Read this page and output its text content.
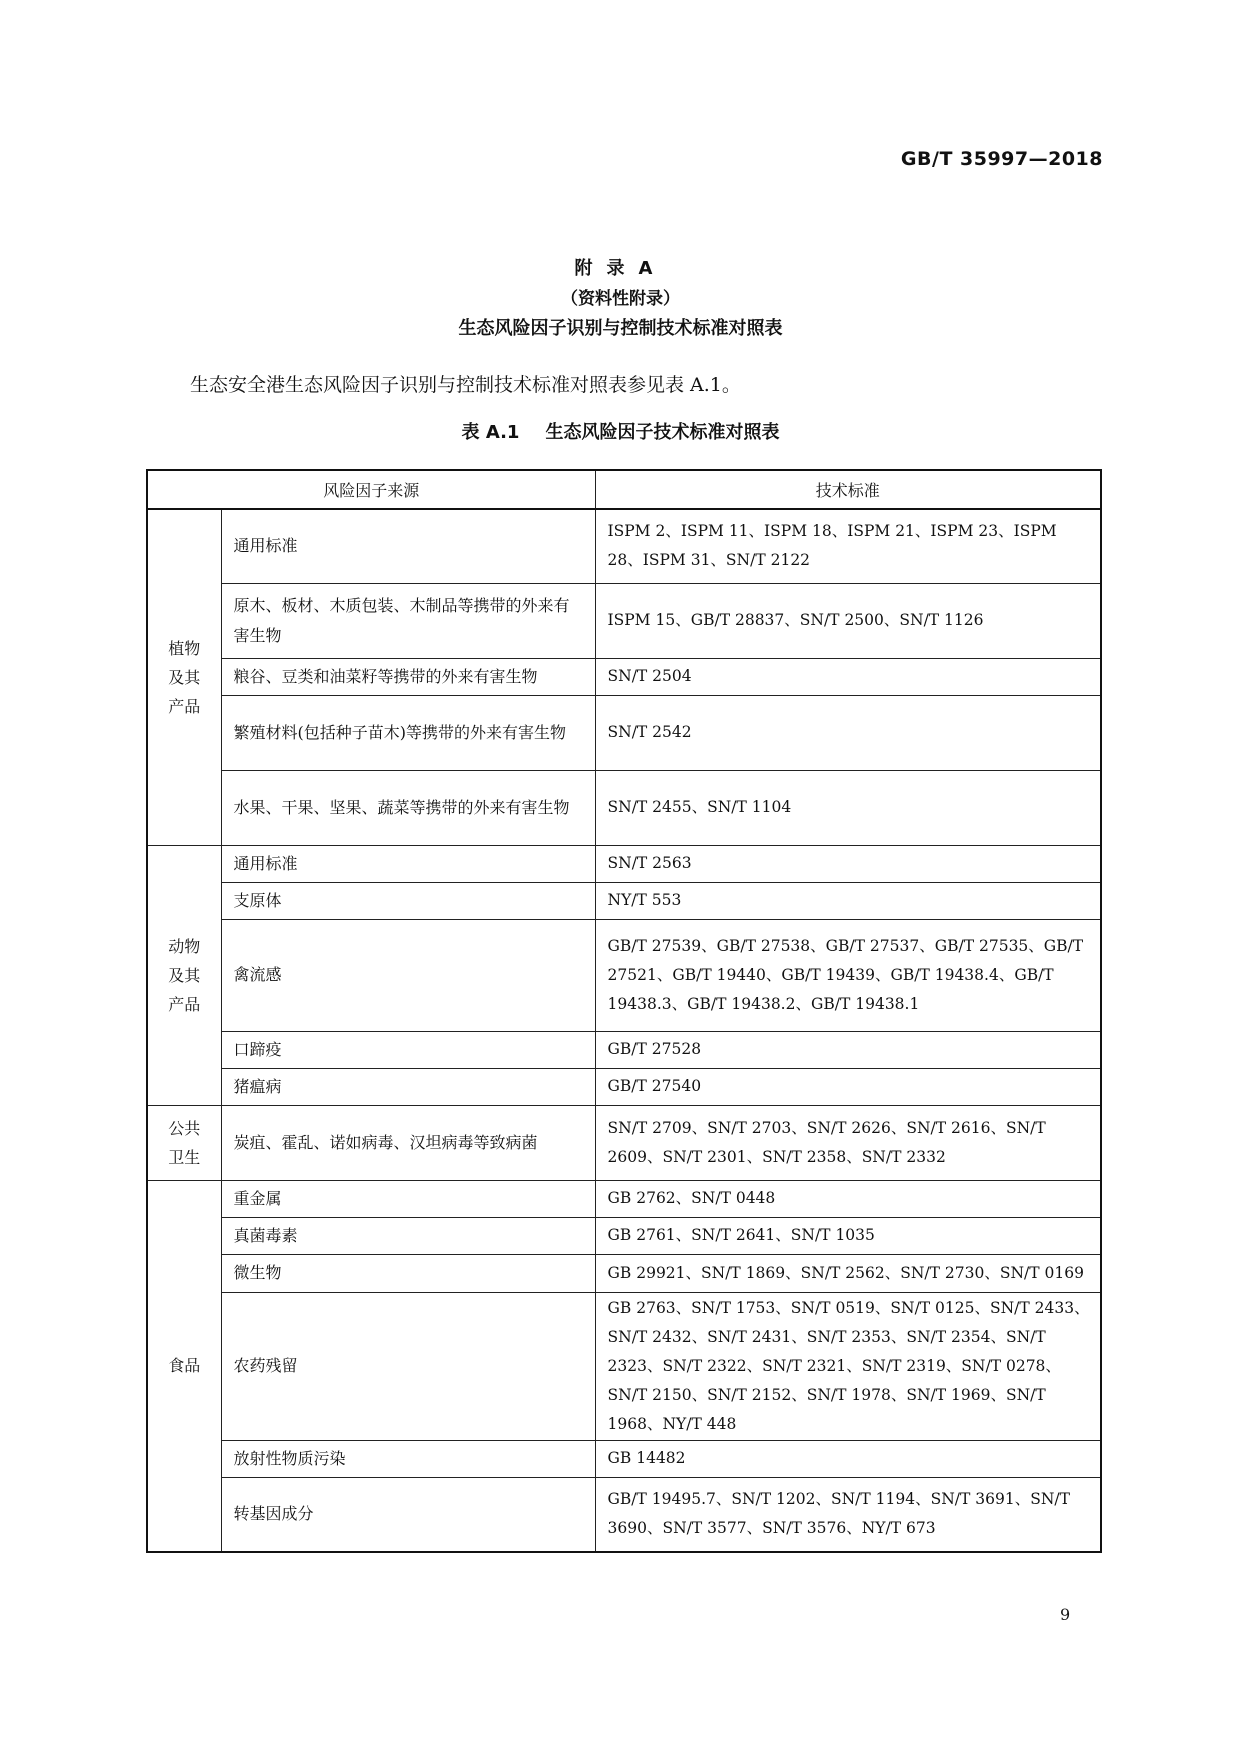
GB/T 35997—2018
附录A
（资料性附录）
生态风险因子识别与控制技术标准对照表
生态安全港生态风险因子识别与控制技术标准对照表参见表 A.1。
表 A.1 生态风险因子技术标准对照表
风险因子来源		技术标准

植物及其产品	通用标准	ISPM 2、ISPM 11、ISPM 18、ISPM 21、ISPM 23、ISPM 28、ISPM 31、SN/T 2122
	原木、板材、木质包装、木制品等携带的外来有害生物	ISPM 15、GB/T 28837、SN/T 2500、SN/T 1126
	粮谷、豆类和油菜籽等携带的外来有害生物	SN/T 2504
	繁殖材料(包括种子苗木)等携带的外来有害生物	SN/T 2542
	水果、干果、坚果、蔬菜等携带的外来有害生物	SN/T 2455、SN/T 1104

动物及其产品	通用标准	SN/T 2563
	支原体	NY/T 553
	禽流感	GB/T 27539、GB/T 27538、GB/T 27537、GB/T 27535、GB/T 27521、GB/T 19440、GB/T 19439、GB/T 19438.4、GB/T 19438.3、GB/T 19438.2、GB/T 19438.1
	口蹄疫	GB/T 27528
	猪瘟病	GB/T 27540

公共卫生	炭疽、霍乱、诺如病毒、汉坦病毒等致病菌	SN/T 2709、SN/T 2703、SN/T 2626、SN/T 2616、SN/T 2609、SN/T 2301、SN/T 2358、SN/T 2332

食品	重金属	GB 2762、SN/T 0448
	真菌毒素	GB 2761、SN/T 2641、SN/T 1035
	微生物	GB 29921、SN/T 1869、SN/T 2562、SN/T 2730、SN/T 0169
	农药残留	GB 2763、SN/T 1753、SN/T 0519、SN/T 0125、SN/T 2433、SN/T 2432、SN/T 2431、SN/T 2353、SN/T 2354、SN/T 2323、SN/T 2322、SN/T 2321、SN/T 2319、SN/T 0278、SN/T 2150、SN/T 2152、SN/T 1978、SN/T 1969、SN/T 1968、NY/T 448
	放射性物质污染	GB 14482
	转基因成分	GB/T 19495.7、SN/T 1202、SN/T 1194、SN/T 3691、SN/T 3690、SN/T 3577、SN/T 3576、NY/T 673
9
